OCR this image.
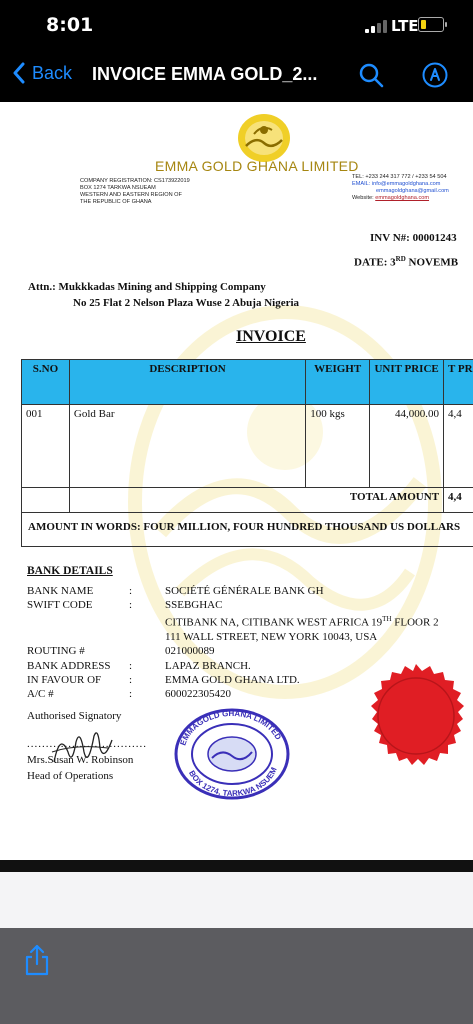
8:01	LTE
Back INVOICE EMMA GOLD_2...
EMMA GOLD GHANA LIMITED
COMPANY REGISTRATION: CS173922019
BOX 1274 TARKWA NSUEAM
WESTERN AND EASTERN REGION OF
THE REPUBLIC OF GHANA
TEL: +233 244 317 772 / +233 54 504
EMAIL: info@emmagoldghana.com
emmagoldghana@gmail.com
Website: emmagoldghana.com
INV N#: 00001243
DATE: 3RD NOVEMB
Attn.: Mukkkadas Mining and Shipping Company
No 25 Flat 2 Nelson Plaza Wuse 2 Abuja Nigeria
INVOICE
S.NO	DESCRIPTION	WEIGHT	UNIT PRICE	T PR
001	Gold Bar	100 kgs	44,000.00	4,4
	TOTAL AMOUNT			4,4
AMOUNT IN WORDS: FOUR MILLION, FOUR HUNDRED THOUSAND US DOLLARS
BANK DETAILS
BANK NAME	:	SOCIÉTÉ GÉNÉRALE BANK GH
SWIFT CODE	:	SSEBGHAC
CITIBANK NA, CITIBANK WEST AFRICA 19TH FLOOR 2
111 WALL STREET, NEW YORK 10043, USA
ROUTING #	021000089
BANK ADDRESS	:	LAPAZ BRANCH.
IN FAVOUR OF	:	EMMA GOLD GHANA LTD.
A/C #	:	600022305420
Authorised Signatory
................................
Mrs.Susan W. Robinson
Head of Operations
EMMAGOLD GHANA LIMITED
BOX 1274, TARKWA NSUEM
